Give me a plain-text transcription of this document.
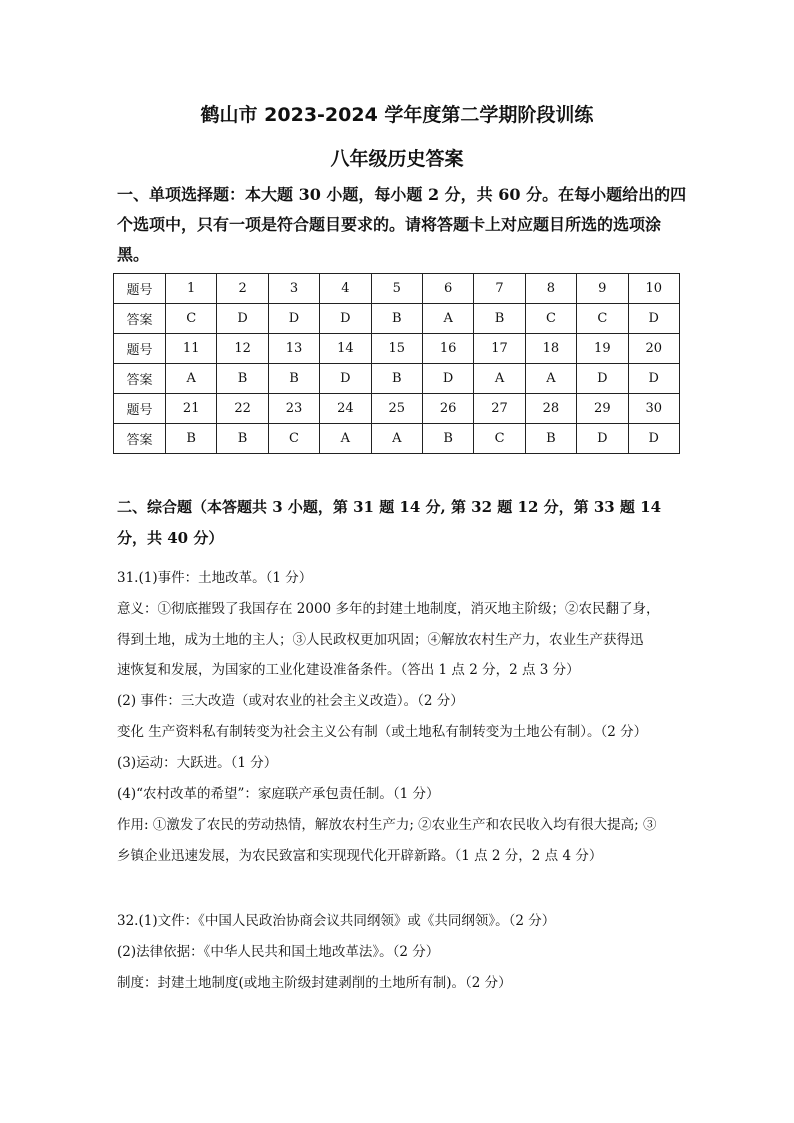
鹤山市 2023-2024 学年度第二学期阶段训练
八年级历史答案
一、单项选择题：本大题 30 小题，每小题 2 分，共 60 分。在每小题给出的四个选项中，只有一项是符合题目要求的。请将答题卡上对应题目所选的选项涂黑。
题号	1	2	3	4	5	6	7	8	9	10
答案	C	D	D	D	B	A	B	C	C	D
题号	11	12	13	14	15	16	17	18	19	20
答案	A	B	B	D	B	D	A	A	D	D
题号	21	22	23	24	25	26	27	28	29	30
答案	B	B	C	A	A	B	C	B	D	D
二、综合题（本答题共 3 小题，第 31 题 14 分, 第 32 题 12 分，第 33 题 14 分，共 40 分）
31.(1)事件：土地改革。（1 分）
意义：①彻底摧毁了我国存在 2000 多年的封建土地制度，消灭地主阶级；②农民翻了身，
得到土地，成为土地的主人；③人民政权更加巩固；④解放农村生产力，农业生产获得迅
速恢复和发展，为国家的工业化建设准备条件。（答出 1 点 2 分，2 点 3 分）
(2) 事件：三大改造（或对农业的社会主义改造）。（2 分）
变化 生产资料私有制转变为社会主义公有制（或土地私有制转变为土地公有制）。（2 分）
(3)运动：大跃进。（1 分）
(4)“农村改革的希望”：家庭联产承包责任制。（1 分）
作用: ①激发了农民的劳动热情，解放农村生产力; ②农业生产和农民收入均有很大提高; ③
乡镇企业迅速发展，为农民致富和实现现代化开辟新路。（1 点 2 分，2 点 4 分）
32.(1)文件：《中国人民政治协商会议共同纲领》或《共同纲领》。（2 分）
(2)法律依据：《中华人民共和国土地改革法》。（2 分）
制度：封建土地制度(或地主阶级封建剥削的土地所有制)。（2 分）
